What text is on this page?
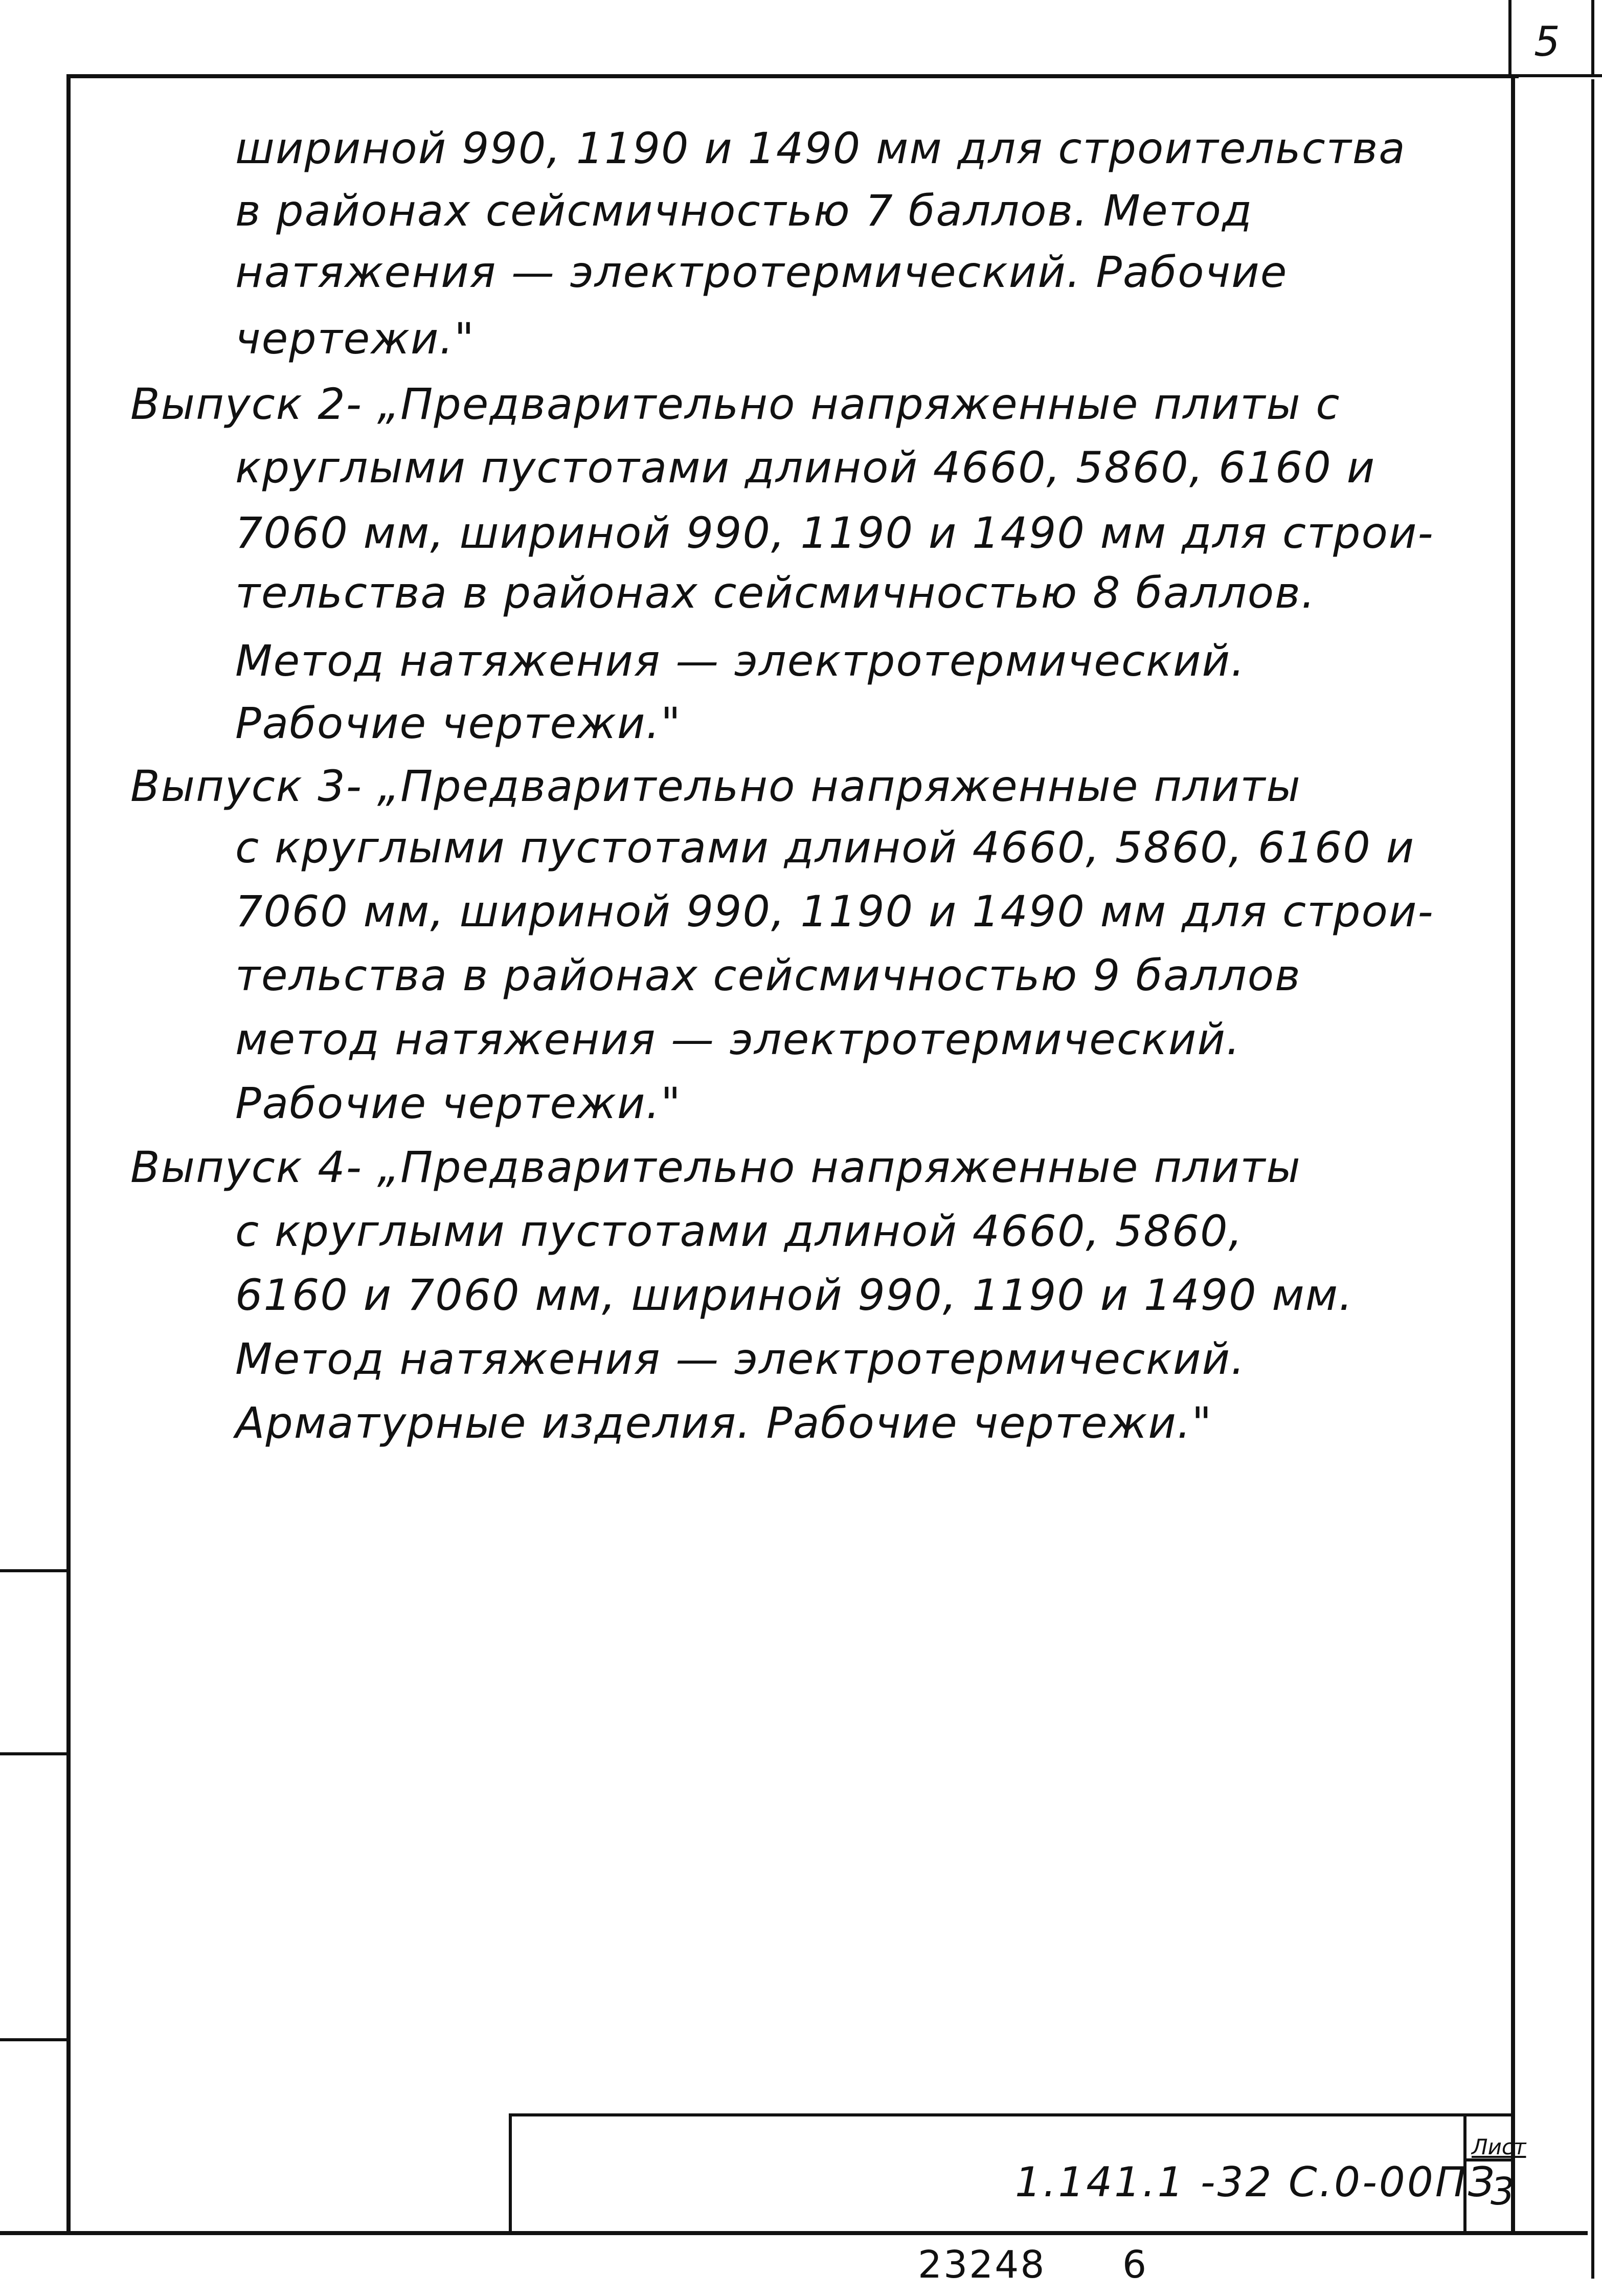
5
шириной 990, 1190 и 1490 мм для строительства
в районах сейсмичностью 7 баллов. Метод
натяжения — электротермический. Рабочие
чертежи."
Выпуск 2- „Предварительно напряженные плиты с
круглыми пустотами длиной 4660, 5860, 6160 и
7060 мм, шириной 990, 1190 и 1490 мм для строи-
тельства в районах сейсмичностью 8 баллов.
Метод натяжения — электротермический.
Рабочие чертежи."
Выпуск 3- „Предварительно напряженные плиты
с круглыми пустотами длиной 4660, 5860, 6160 и
7060 мм, шириной 990, 1190 и 1490 мм для строи-
тельства в районах сейсмичностью 9 баллов
метод натяжения — электротермический.
Рабочие чертежи."
Выпуск 4- „Предварительно напряженные плиты
с круглыми пустотами длиной 4660, 5860,
6160 и 7060 мм, шириной 990, 1190 и 1490 мм.
Метод натяжения — электротермический.
Арматурные изделия. Рабочие чертежи."
1.141.1 -32 С.0-00ПЗ
Лист
3
23248 6
